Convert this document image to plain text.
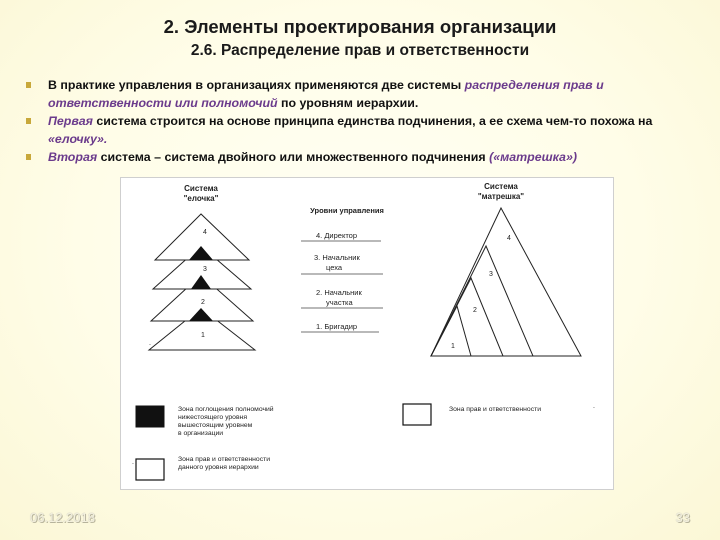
2. Элементы проектирования организации
2.6. Распределение прав и ответственности
В практике управления в организациях применяются две системы распределения прав и ответственности или полномочий по уровням иерархии.
Первая система строится на основе принципа единства подчинения, а ее схема чем-то похожа на «елочку».
Вторая система – система двойного или множественного подчинения («матрешка»)
Система
"елочка"
4
3
2
1
.
Уровни управления
4. Директор
3. Начальник
цеха
2. Начальник
участка
1. Бригадир
Система
"матрешка"
4
3
2
1
Зона поглощения полномочий
нижестоящего уровня
вышестоящим уровнем
в организации
.	Зона прав и ответственности
данного уровня иерархии
Зона прав и ответственности	.
06.12.2018	33
